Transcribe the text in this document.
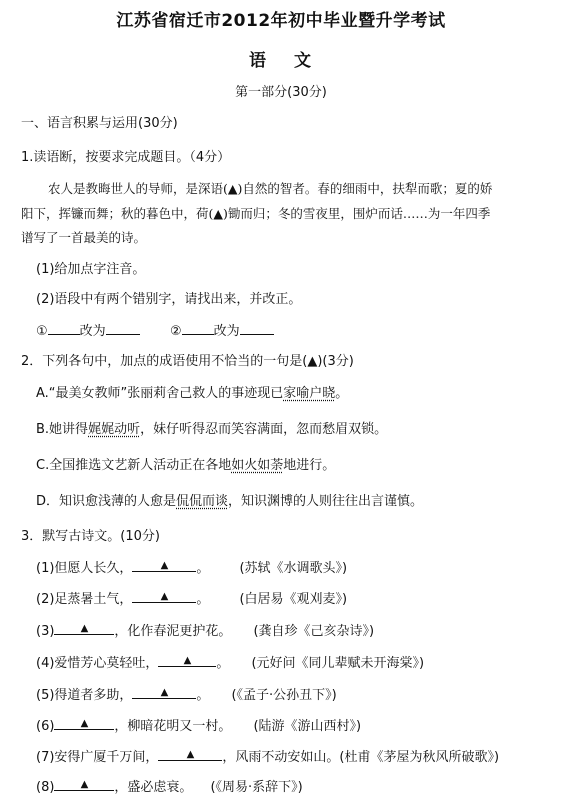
江苏省宿迁市2012年初中毕业暨升学考试
语文
第一部分(30分)
一、语言积累与运用(30分)
1.读语断，按要求完成题目。（4分）
农人是教晦世人的导师，是深语(▲)自然的智者。春的细雨中，扶犁而歌；夏的娇
阳下，挥镰而舞；秋的暮色中，荷(▲)锄而归；冬的雪夜里，围炉而话……为一年四季
谱写了一首最美的诗。
(1)给加点字注音。
(2)语段中有两个错别字，请找出来，并改正。
① 改为	② 改为
2．下列各句中，加点的成语使用不恰当的一句是(▲)(3分)
A.“最美女教师”张丽莉舍己救人的事迹现已家喻户晓。
B.她讲得娓娓动听，妹仔听得忍而笑容满面，忽而愁眉双锁。
C.全国推选文艺新人活动正在各地如火如荼地进行。
D．知识愈浅薄的人愈是侃侃而谈，知识渊博的人则往往出言谨慎。
3．默写古诗文。(10分)
(1)但愿人长久，	▲ 。 (苏轼《水调歌头》)
(2)足蒸暑土气，	▲ 。 (白居易《观刈麦》)
(3)	▲ ，化作春泥更护花。 (龚自珍《己亥杂诗》)
(4)爱惜芳心莫轻吐，	▲ 。 (元好问《同儿辈赋未开海棠》)
(5)得道者多助，	▲ 。 (《孟子·公孙丑下》)
(6)	▲ ，柳暗花明又一村。 (陆游《游山西村》)
(7)安得广厦千万间，	▲ ，风雨不动安如山。(杜甫《茅屋为秋风所破歌》)
(8)	▲ ，盛必虑衰。 (《周易·系辞下》)
